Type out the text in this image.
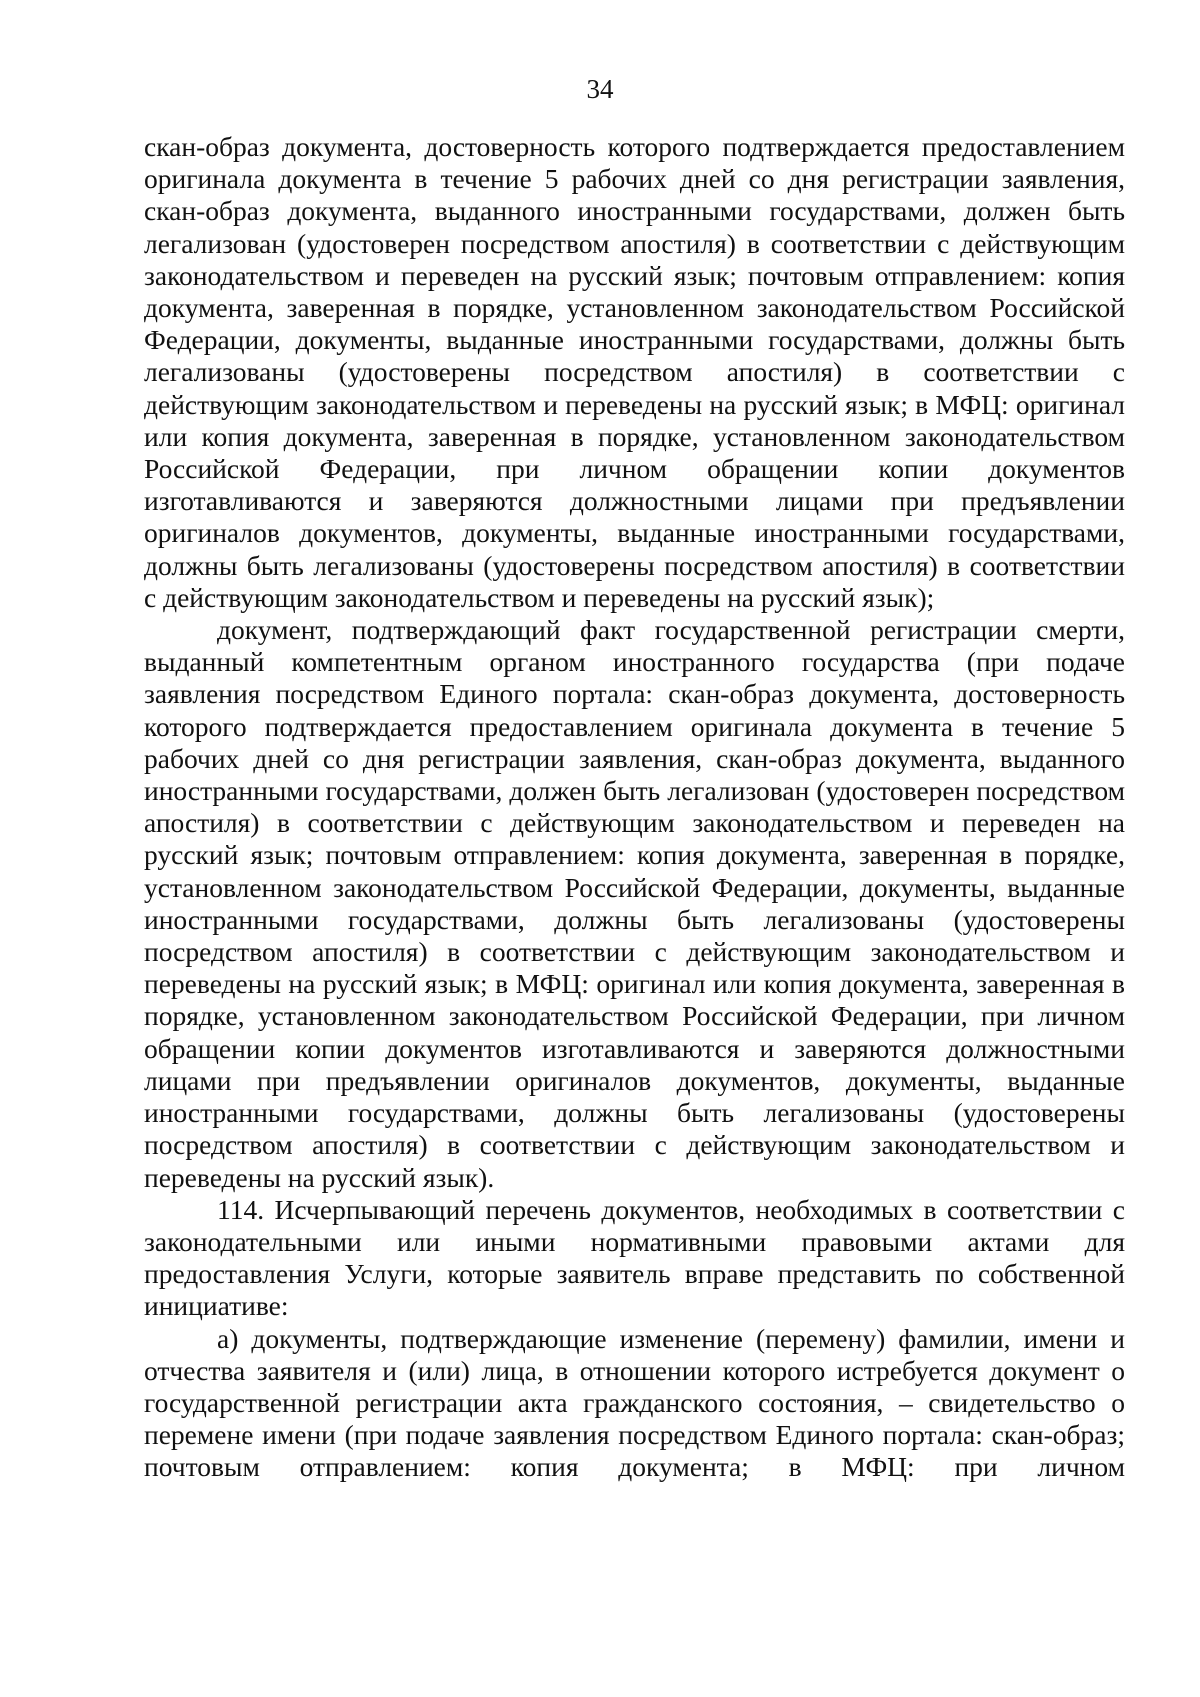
34

скан-образ документа, достоверность которого подтверждается предоставлением оригинала документа в течение 5 рабочих дней со дня регистрации заявления, скан-образ документа, выданного иностранными государствами, должен быть легализован (удостоверен посредством апостиля) в соответствии с действующим законодательством и переведен на русский язык; почтовым отправлением: копия документа, заверенная в порядке, установленном законодательством Российской Федерации, документы, выданные иностранными государствами, должны быть легализованы (удостоверены посредством апостиля) в соответствии с действующим законодательством и переведены на русский язык; в МФЦ: оригинал или копия документа, заверенная в порядке, установленном законодательством Российской Федерации, при личном обращении копии документов изготавливаются и заверяются должностными лицами при предъявлении оригиналов документов, документы, выданные иностранными государствами, должны быть легализованы (удостоверены посредством апостиля) в соответствии с действующим законодательством и переведены на русский язык);

документ, подтверждающий факт государственной регистрации смерти, выданный компетентным органом иностранного государства (при подаче заявления посредством Единого портала: скан-образ документа, достоверность которого подтверждается предоставлением оригинала документа в течение 5 рабочих дней со дня регистрации заявления, скан-образ документа, выданного иностранными государствами, должен быть легализован (удостоверен посредством апостиля) в соответствии с действующим законодательством и переведен на русский язык; почтовым отправлением: копия документа, заверенная в порядке, установленном законодательством Российской Федерации, документы, выданные иностранными государствами, должны быть легализованы (удостоверены посредством апостиля) в соответствии с действующим законодательством и переведены на русский язык; в МФЦ: оригинал или копия документа, заверенная в порядке, установленном законодательством Российской Федерации, при личном обращении копии документов изготавливаются и заверяются должностными лицами при предъявлении оригиналов документов, документы, выданные иностранными государствами, должны быть легализованы (удостоверены посредством апостиля) в соответствии с действующим законодательством и переведены на русский язык).

114. Исчерпывающий перечень документов, необходимых в соответствии с законодательными или иными нормативными правовыми актами для предоставления Услуги, которые заявитель вправе представить по собственной инициативе:

а) документы, подтверждающие изменение (перемену) фамилии, имени и отчества заявителя и (или) лица, в отношении которого истребуется документ о государственной регистрации акта гражданского состояния, – свидетельство о перемене имени (при подаче заявления посредством Единого портала: скан-образ; почтовым отправлением: копия документа; в МФЦ: при личном
